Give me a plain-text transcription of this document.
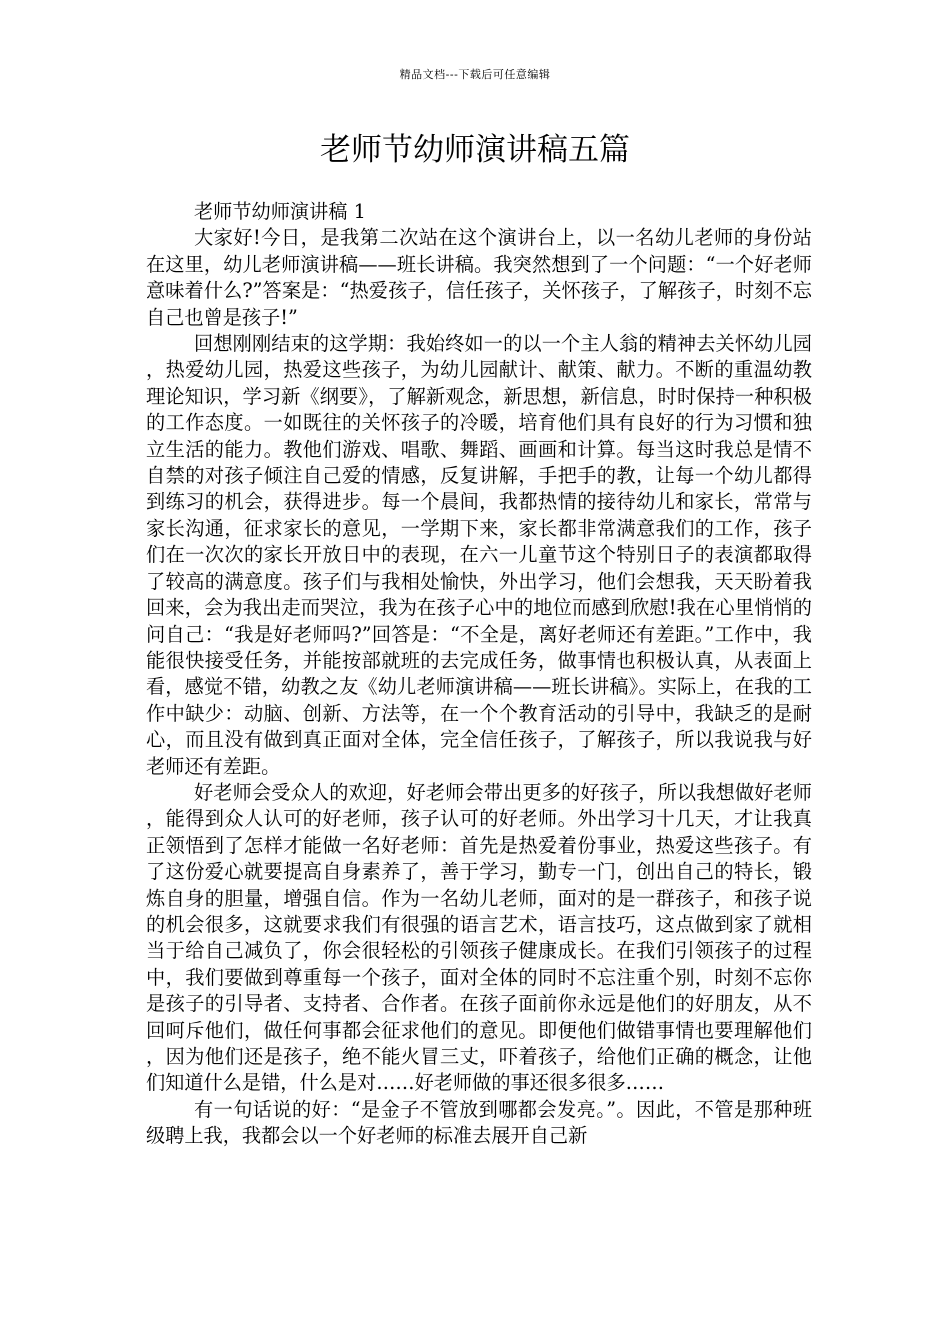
精品文档---下载后可任意编辑
老师节幼师演讲稿五篇

老师节幼师演讲稿 1

大家好!今日，是我第二次站在这个演讲台上，以一名幼儿老师的身份站在这里，幼儿老师演讲稿——班长讲稿。我突然想到了一个问题：“一个好老师意味着什么?”答案是：“热爱孩子，信任孩子，关怀孩子，了解孩子，时刻不忘自己也曾是孩子!”

回想刚刚结束的这学期：我始终如一的以一个主人翁的精神去关怀幼儿园，热爱幼儿园，热爱这些孩子，为幼儿园献计、献策、献力。不断的重温幼教理论知识，学习新《纲要》，了解新观念，新思想，新信息，时时保持一种积极的工作态度。一如既往的关怀孩子的冷暖，培育他们具有良好的行为习惯和独立生活的能力。教他们游戏、唱歌、舞蹈、画画和计算。每当这时我总是情不自禁的对孩子倾注自己爱的情感，反复讲解，手把手的教，让每一个幼儿都得到练习的机会，获得进步。每一个晨间，我都热情的接待幼儿和家长，常常与家长沟通，征求家长的意见，一学期下来，家长都非常满意我们的工作，孩子们在一次次的家长开放日中的表现，在六一儿童节这个特别日子的表演都取得了较高的满意度。孩子们与我相处愉快，外出学习，他们会想我，天天盼着我回来，会为我出走而哭泣，我为在孩子心中的地位而感到欣慰!我在心里悄悄的问自己：“我是好老师吗?”回答是：“不全是，离好老师还有差距。”工作中，我能很快接受任务，并能按部就班的去完成任务，做事情也积极认真，从表面上看，感觉不错，幼教之友《幼儿老师演讲稿——班长讲稿》。实际上，在我的工作中缺少：动脑、创新、方法等，在一个个教育活动的引导中，我缺乏的是耐心，而且没有做到真正面对全体，完全信任孩子，了解孩子，所以我说我与好老师还有差距。

好老师会受众人的欢迎，好老师会带出更多的好孩子，所以我想做好老师，能得到众人认可的好老师，孩子认可的好老师。外出学习十几天，才让我真正领悟到了怎样才能做一名好老师：首先是热爱着份事业，热爱这些孩子。有了这份爱心就要提高自身素养了，善于学习，勤专一门，创出自己的特长，锻炼自身的胆量，增强自信。作为一名幼儿老师，面对的是一群孩子，和孩子说的机会很多，这就要求我们有很强的语言艺术，语言技巧，这点做到家了就相当于给自己减负了，你会很轻松的引领孩子健康成长。在我们引领孩子的过程中，我们要做到尊重每一个孩子，面对全体的同时不忘注重个别，时刻不忘你是孩子的引导者、支持者、合作者。在孩子面前你永远是他们的好朋友，从不回呵斥他们，做任何事都会征求他们的意见。即便他们做错事情也要理解他们，因为他们还是孩子，绝不能火冒三丈，吓着孩子，给他们正确的概念，让他们知道什么是错，什么是对……好老师做的事还很多很多……

有一句话说的好：“是金子不管放到哪都会发亮。”。因此，不管是那种班级聘上我，我都会以一个好老师的标准去展开自己新
